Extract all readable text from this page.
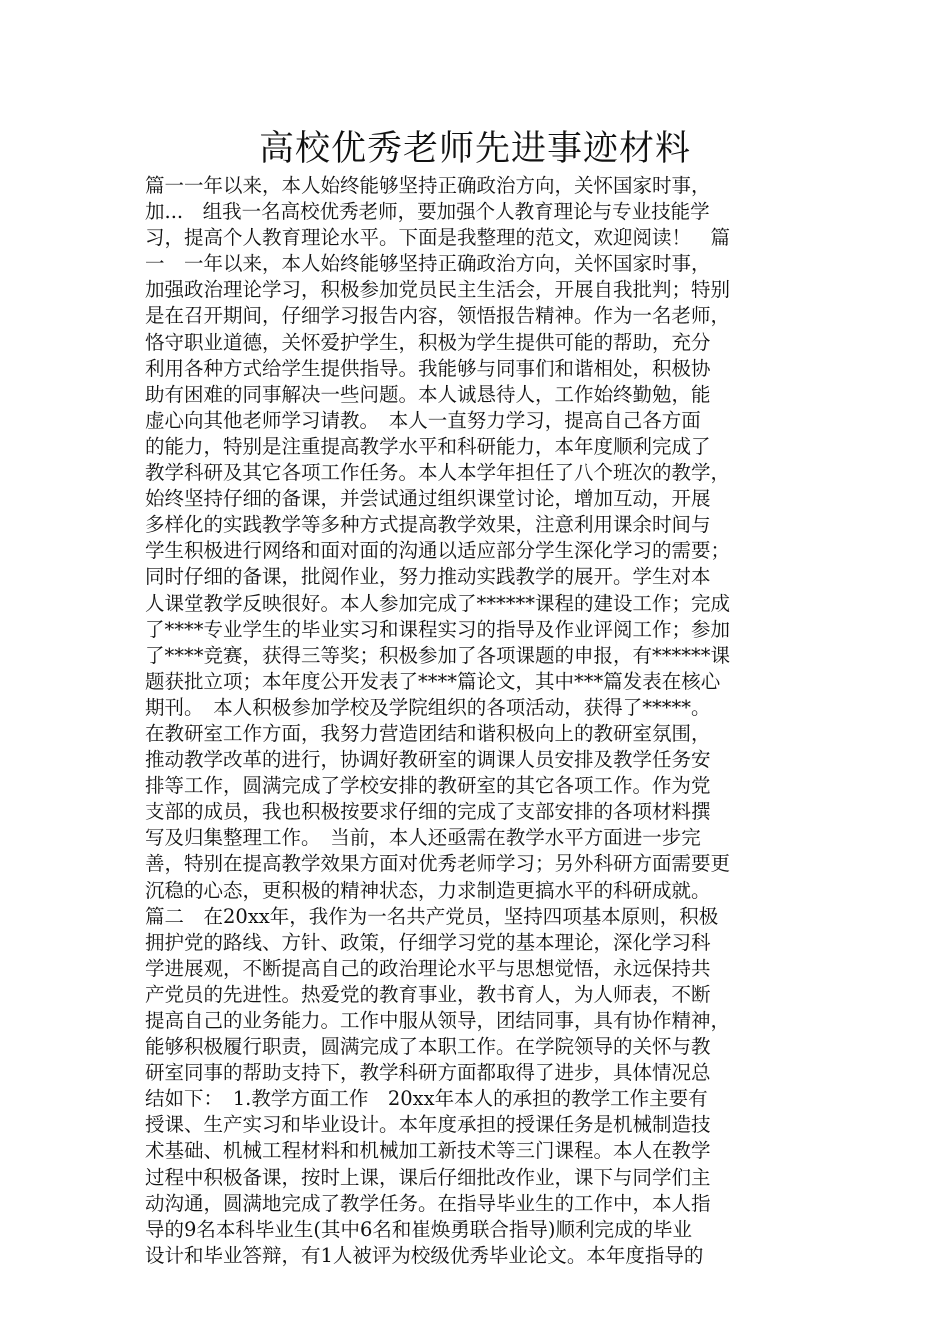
高校优秀老师先进事迹材料
篇一一年以来，本人始终能够坚持正确政治方向，关怀国家时事，
加...　组我一名高校优秀老师，要加强个人教育理论与专业技能学
习，提高个人教育理论水平。下面是我整理的范文，欢迎阅读！　篇
一　一年以来，本人始终能够坚持正确政治方向，关怀国家时事，
加强政治理论学习，积极参加党员民主生活会，开展自我批判；特别
是在召开期间，仔细学习报告内容，领悟报告精神。作为一名老师，
恪守职业道德，关怀爱护学生，积极为学生提供可能的帮助，充分
利用各种方式给学生提供指导。我能够与同事们和谐相处，积极协
助有困难的同事解决一些问题。本人诚恳待人，工作始终勤勉，能
虚心向其他老师学习请教。　本人一直努力学习，提高自己各方面
的能力，特别是注重提高教学水平和科研能力，本年度顺利完成了
教学科研及其它各项工作任务。本人本学年担任了八个班次的教学，
始终坚持仔细的备课，并尝试通过组织课堂讨论，增加互动，开展
多样化的实践教学等多种方式提高教学效果，注意利用课余时间与
学生积极进行网络和面对面的沟通以适应部分学生深化学习的需要；
同时仔细的备课，批阅作业，努力推动实践教学的展开。学生对本
人课堂教学反映很好。本人参加完成了******课程的建设工作；完成
了****专业学生的毕业实习和课程实习的指导及作业评阅工作；参加
了****竞赛，获得三等奖；积极参加了各项课题的申报，有******课
题获批立项；本年度公开发表了****篇论文，其中***篇发表在核心
期刊。　本人积极参加学校及学院组织的各项活动，获得了*****。
在教研室工作方面，我努力营造团结和谐积极向上的教研室氛围，
推动教学改革的进行，协调好教研室的调课人员安排及教学任务安
排等工作，圆满完成了学校安排的教研室的其它各项工作。作为党
支部的成员，我也积极按要求仔细的完成了支部安排的各项材料撰
写及归集整理工作。　当前，本人还亟需在教学水平方面进一步完
善，特别在提高教学效果方面对优秀老师学习；另外科研方面需要更
沉稳的心态，更积极的精神状态，力求制造更搞水平的科研成就。
篇二　在20xx年，我作为一名共产党员，坚持四项基本原则，积极
拥护党的路线、方针、政策，仔细学习党的基本理论，深化学习科
学进展观，不断提高自己的政治理论水平与思想觉悟，永远保持共
产党员的先进性。热爱党的教育事业，教书育人，为人师表，不断
提高自己的业务能力。工作中服从领导，团结同事，具有协作精神，
能够积极履行职责，圆满完成了本职工作。在学院领导的关怀与教
研室同事的帮助支持下，教学科研方面都取得了进步，具体情况总
结如下：　1.教学方面工作　20xx年本人的承担的教学工作主要有
授课、生产实习和毕业设计。本年度承担的授课任务是机械制造技
术基础、机械工程材料和机械加工新技术等三门课程。本人在教学
过程中积极备课，按时上课，课后仔细批改作业，课下与同学们主
动沟通，圆满地完成了教学任务。在指导毕业生的工作中，本人指
导的9名本科毕业生(其中6名和崔焕勇联合指导)顺利完成的毕业
设计和毕业答辩，有1人被评为校级优秀毕业论文。本年度指导的
